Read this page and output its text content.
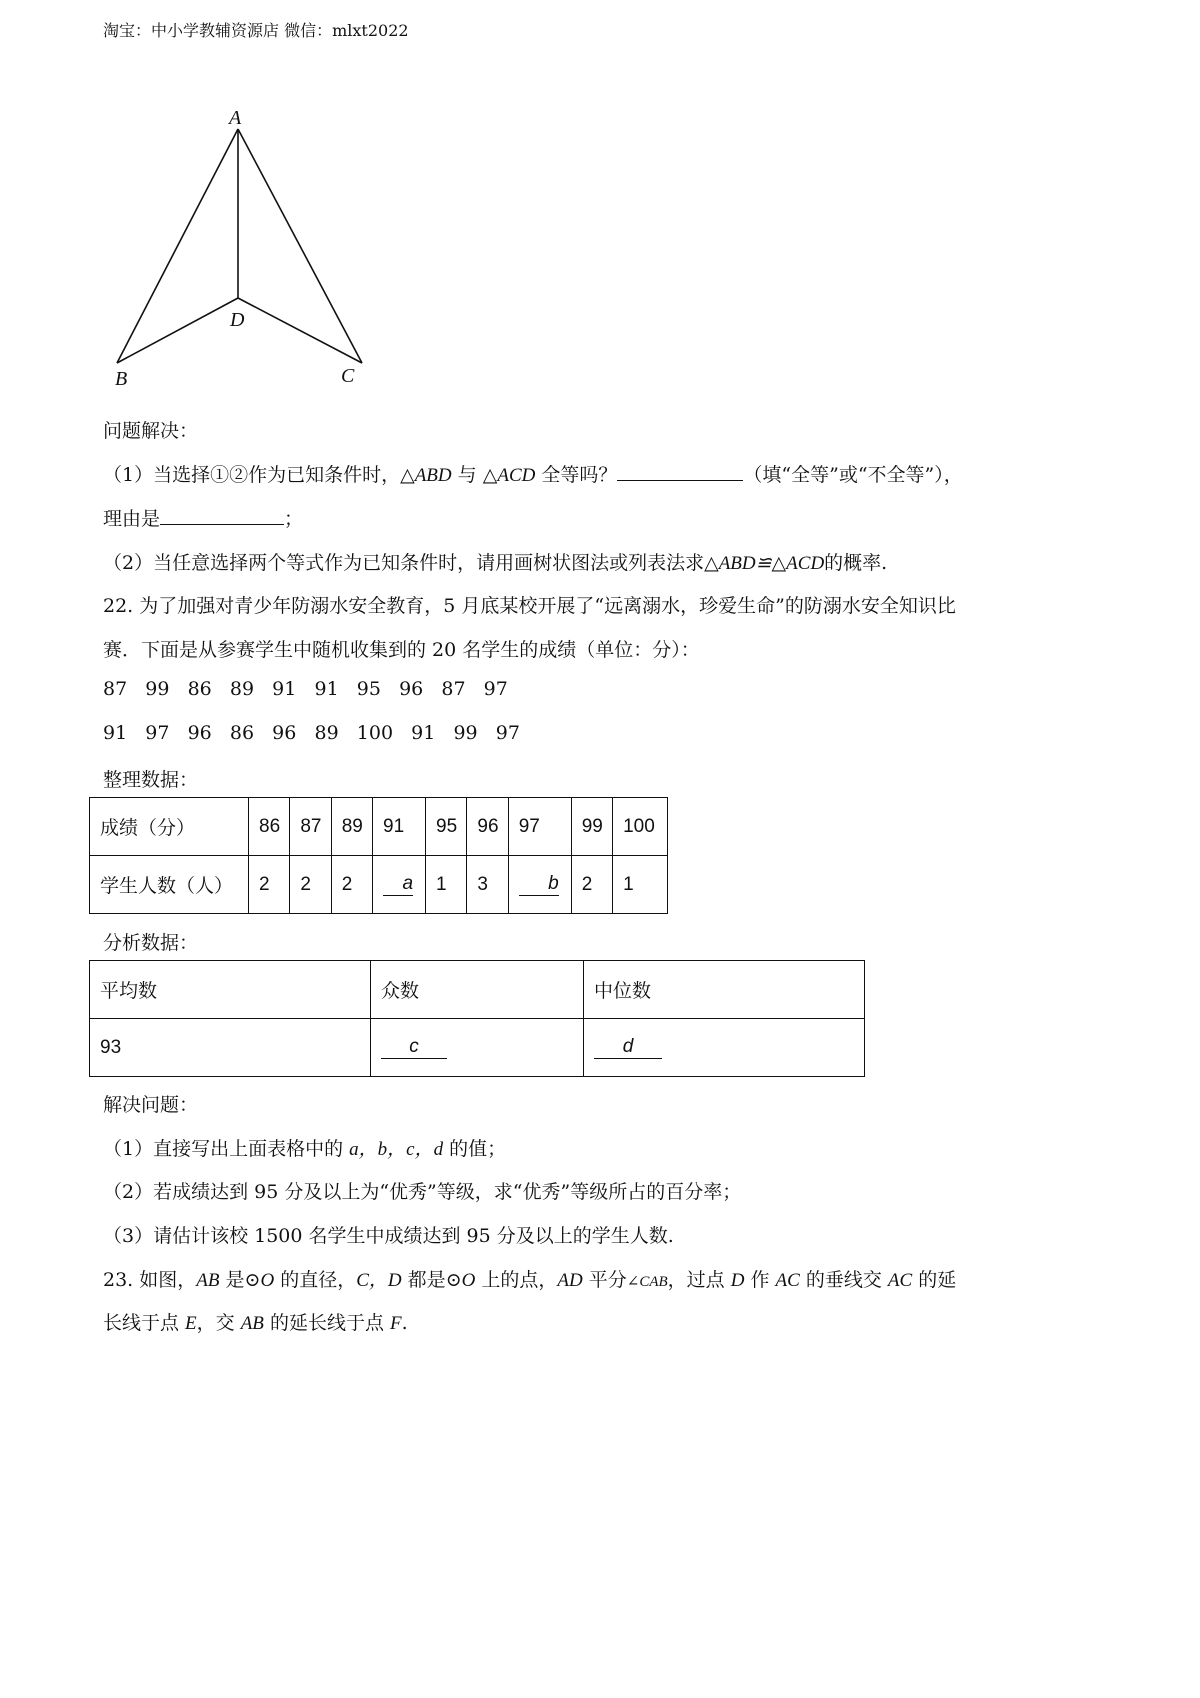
淘宝：中小学教辅资源店 微信：mlxt2022
A
D
B	C
问题解决：
（1）当选择①②作为已知条件时，△ABD 与 △ACD 全等吗？	（填“全等”或“不全等”），
理由是	；
（2）当任意选择两个等式作为已知条件时，请用画树状图法或列表法求△ABD≌△ACD的概率.
22. 为了加强对青少年防溺水安全教育，5 月底某校开展了“远离溺水，珍爱生命”的防溺水安全知识比
赛．下面是从参赛学生中随机收集到的 20 名学生的成绩（单位：分）：
87   99   86   89   91   91   95   96   87   97
91   97   96   86   96   89   100   91   99   97
整理数据：
成绩（分）	86	87	89	91	95	96	97	99	100
学生人数（人）	2	2	2	a	1	3	b	2	1
分析数据：
平均数	众数	中位数
93	c	d
解决问题：
（1）直接写出上面表格中的 a，b，c，d 的值；
（2）若成绩达到 95 分及以上为“优秀”等级，求“优秀”等级所占的百分率；
（3）请估计该校 1500 名学生中成绩达到 95 分及以上的学生人数.
23. 如图，AB 是⊙O 的直径，C，D 都是⊙O 上的点，AD 平分∠CAB，过点 D 作 AC 的垂线交 AC 的延
长线于点 E，交 AB 的延长线于点 F.
